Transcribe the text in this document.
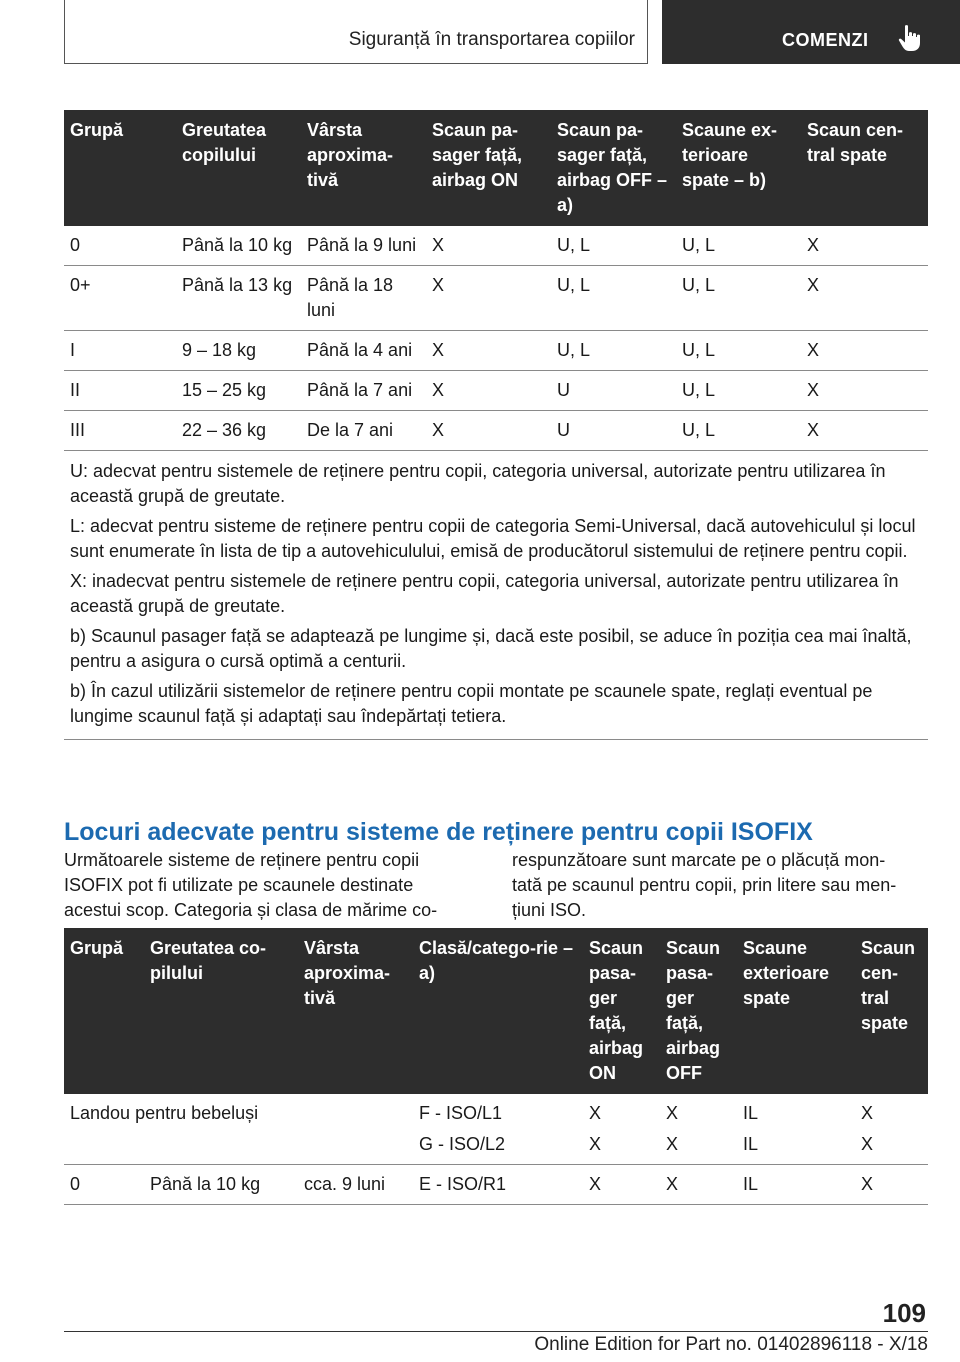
Siguranță în transportarea copiilor	COMENZI
Grupă	Greutatea copilului	Vârsta aproxima-tivă	Scaun pa-sager față, airbag ON	Scaun pa-sager față, airbag OFF – a)	Scaune ex-terioare spate – b)	Scaun cen-tral spate
0	Până la 10 kg	Până la 9 luni	X	U, L	U, L	X
0+	Până la 13 kg	Până la 18 luni	X	U, L	U, L	X
I	9 – 18 kg	Până la 4 ani	X	U, L	U, L	X
II	15 – 25 kg	Până la 7 ani	X	U	U, L	X
III	22 – 36 kg	De la 7 ani	X	U	U, L	X
U: adecvat pentru sistemele de reținere pentru copii, categoria universal, autorizate pentru utilizarea în această grupă de greutate.						
L: adecvat pentru sisteme de reținere pentru copii de categoria Semi-Universal, dacă autovehiculul și locul sunt enumerate în lista de tip a autovehiculului, emisă de producătorul sistemului de reținere pentru copii.						
X: inadecvat pentru sistemele de reținere pentru copii, categoria universal, autorizate pentru utilizarea în această grupă de greutate.						
b) Scaunul pasager față se adaptează pe lungime și, dacă este posibil, se aduce în poziția cea mai înaltă, pentru a asigura o cursă optimă a centurii.						
b) În cazul utilizării sistemelor de reținere pentru copii montate pe scaunele spate, reglați eventual pe lungime scaunul față și adaptați sau îndepărtați tetiera.						
Locuri adecvate pentru sisteme de reținere pentru copii ISOFIX
Următoarele sisteme de reținere pentru copii ISOFIX pot fi utilizate pe scaunele destinate acestui scop. Categoria și clasa de mărime co-
respunzătoare sunt marcate pe o plăcuță mon-tată pe scaunul pentru copii, prin litere sau men-țiuni ISO.
Grupă	Greutatea co-pilului	Vârsta aproxima-tivă	Clasă/catego-rie – a)	Scaun pasa-ger față, airbag ON	Scaun pasa-ger față, airbag OFF	Scaune exterioare spate	Scaun cen-tral spate
Landou pentru bebeluși			F - ISO/L1	X	X	IL	X
			G - ISO/L2	X	X	IL	X
0	Până la 10 kg	cca. 9 luni	E - ISO/R1	X	X	IL	X
109
Online Edition for Part no. 01402896118 - X/18
